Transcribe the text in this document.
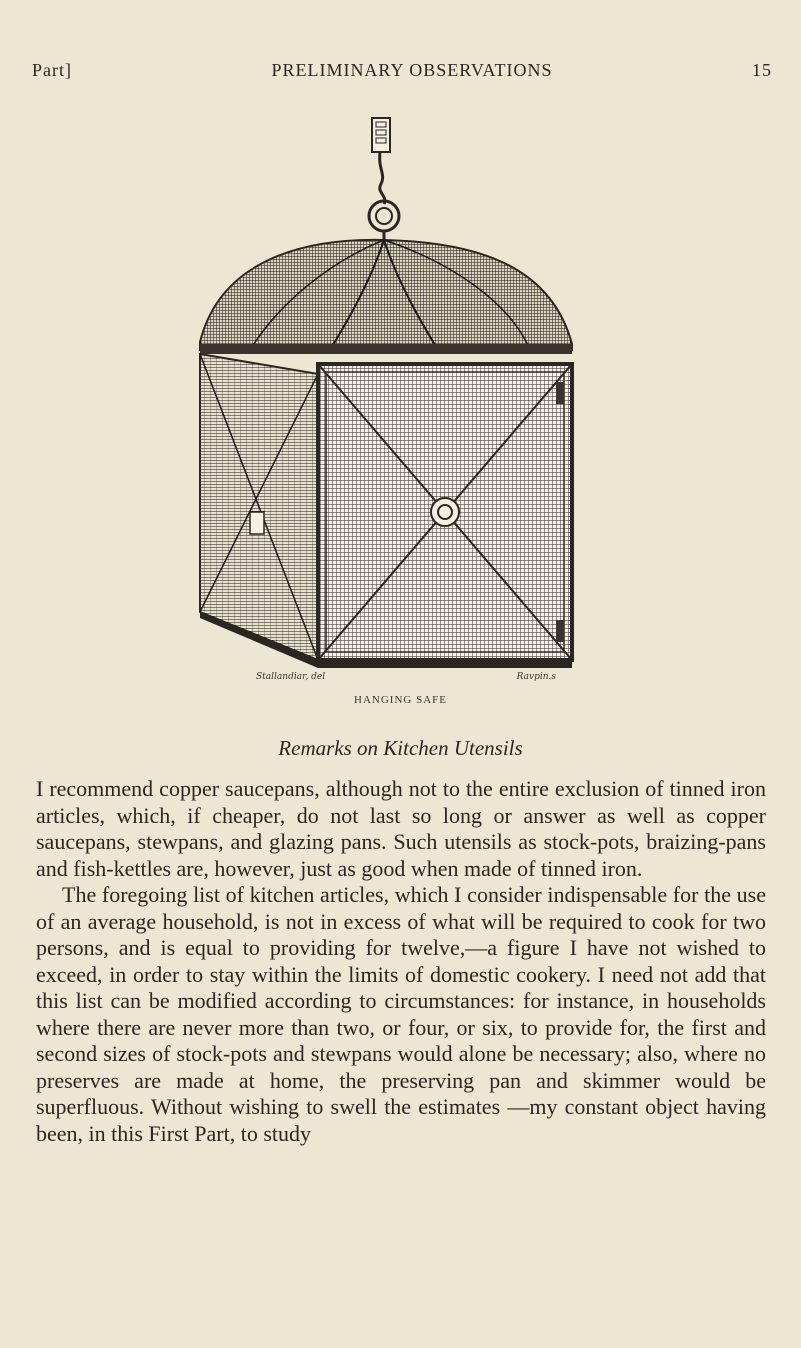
Part]	PRELIMINARY OBSERVATIONS	15
Stallandiar, del	Ravpin.s
HANGING SAFE
Remarks on Kitchen Utensils

I recommend copper saucepans, although not to the entire exclusion of tinned iron articles, which, if cheaper, do not last so long or answer as well as copper saucepans, stewpans, and glazing pans. Such utensils as stock-pots, braizing-pans and fish-kettles are, however, just as good when made of tinned iron.

The foregoing list of kitchen articles, which I consider indispensable for the use of an average household, is not in excess of what will be required to cook for two persons, and is equal to providing for twelve,—a figure I have not wished to exceed, in order to stay within the limits of domestic cookery. I need not add that this list can be modified according to circumstances: for instance, in households where there are never more than two, or four, or six, to provide for, the first and second sizes of stock-pots and stewpans would alone be necessary; also, where no preserves are made at home, the preserving pan and skimmer would be superfluous. Without wishing to swell the estimates —my constant object having been, in this First Part, to study
